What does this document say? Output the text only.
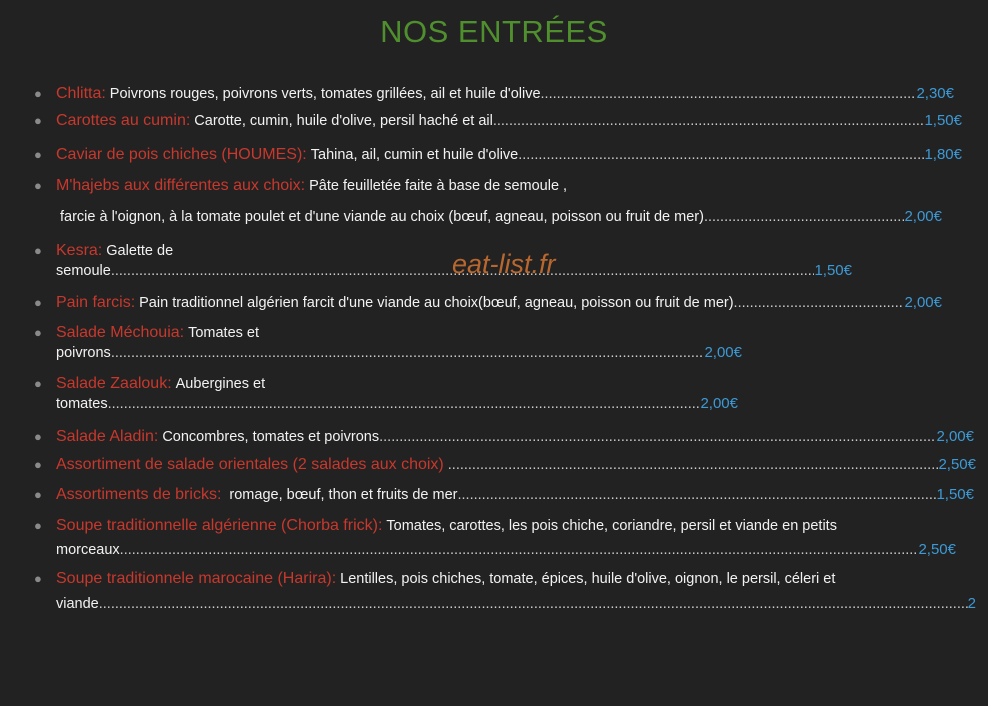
NOS ENTRÉES
eat-list.fr
● Chlitta: Poivrons rouges, poivrons verts, tomates grillées, ail et huile d'olive .....	2,30€
● Carottes au cumin: Carotte, cumin, huile d'olive, persil haché et ail .....	1,50€
● Caviar de pois chiches (HOUMES): Tahina, ail, cumin et huile d'olive .....	1,80€
● M'hajebs aux différentes aux choix: Pâte feuilletée faite à base de semoule ,
farcie à l'oignon, à la tomate poulet et d'une viande au choix (bœuf, agneau, poisson ou fruit de mer) .....	2,00€
● Kesra: Galette de
semoule .....	1,50€
● Pain farcis: Pain traditionnel algérien farcit d'une viande au choix(bœuf, agneau, poisson ou fruit de mer) .....	2,00€
● Salade Méchouia: Tomates et
poivrons .....	2,00€
● Salade Zaalouk: Aubergines et
tomates .....	2,00€
● Salade Aladin: Concombres, tomates et poivrons .....	2,00€
● Assortiment de salade orientales (2 salades aux choix) .....	2,50€
● Assortiments de bricks: romage, bœuf, thon et fruits de mer .....	1,50€
● Soupe traditionnelle algérienne (Chorba frick): Tomates, carottes, les pois chiche, coriandre, persil et viande en petits
morceaux .....	2,50€
● Soupe traditionnele marocaine (Harira): Lentilles, pois chiches, tomate, épices, huile d'olive, oignon, le persil, céleri et
viande .....	2
